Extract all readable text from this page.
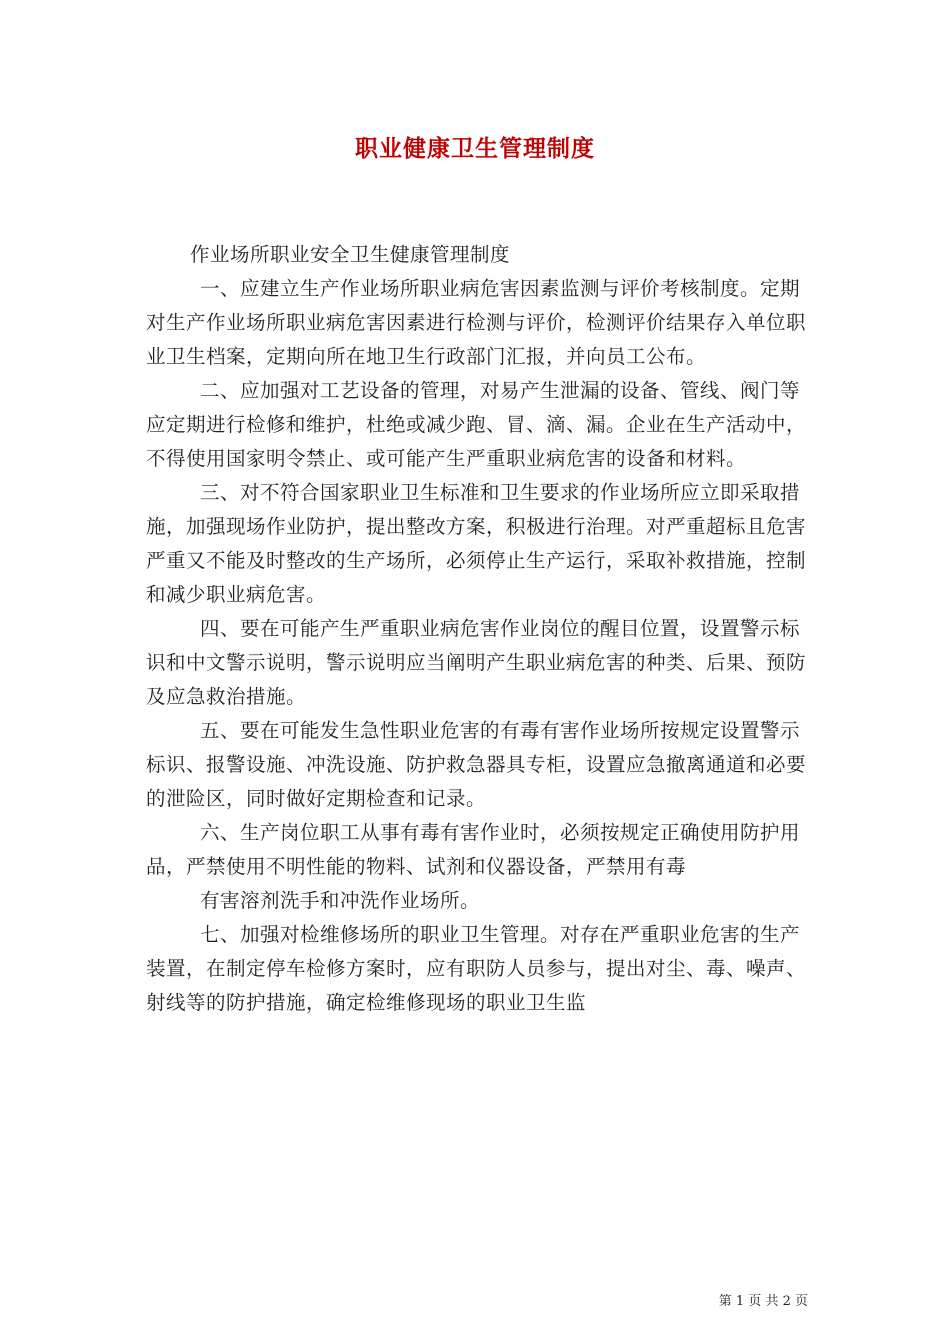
职业健康卫生管理制度

作业场所职业安全卫生健康管理制度

一、应建立生产作业场所职业病危害因素监测与评价考核制度。定期对生产作业场所职业病危害因素进行检测与评价，检测评价结果存入单位职业卫生档案，定期向所在地卫生行政部门汇报，并向员工公布。

二、应加强对工艺设备的管理，对易产生泄漏的设备、管线、阀门等应定期进行检修和维护，杜绝或减少跑、冒、滴、漏。企业在生产活动中，不得使用国家明令禁止、或可能产生严重职业病危害的设备和材料。

三、对不符合国家职业卫生标准和卫生要求的作业场所应立即采取措施，加强现场作业防护，提出整改方案，积极进行治理。对严重超标且危害严重又不能及时整改的生产场所，必须停止生产运行，采取补救措施，控制和减少职业病危害。

四、要在可能产生严重职业病危害作业岗位的醒目位置，设置警示标识和中文警示说明，警示说明应当阐明产生职业病危害的种类、后果、预防及应急救治措施。

五、要在可能发生急性职业危害的有毒有害作业场所按规定设置警示标识、报警设施、冲洗设施、防护救急器具专柜，设置应急撤离通道和必要的泄险区，同时做好定期检查和记录。

六、生产岗位职工从事有毒有害作业时，必须按规定正确使用防护用品，严禁使用不明性能的物料、试剂和仪器设备，严禁用有毒

有害溶剂洗手和冲洗作业场所。

七、加强对检维修场所的职业卫生管理。对存在严重职业危害的生产装置，在制定停车检修方案时，应有职防人员参与，提出对尘、毒、噪声、射线等的防护措施，确定检维修现场的职业卫生监

第 1 页 共 2 页
